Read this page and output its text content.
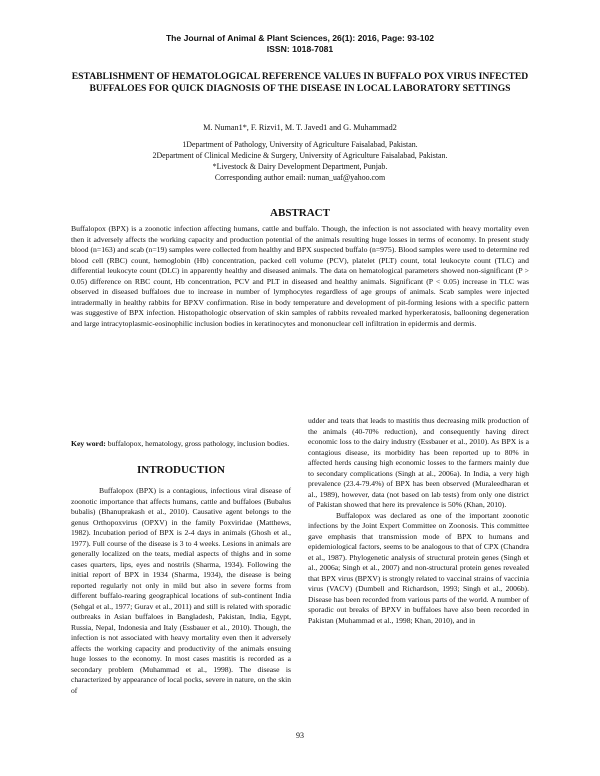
The Journal of Animal & Plant Sciences, 26(1): 2016, Page: 93-102
ISSN: 1018-7081
ESTABLISHMENT OF HEMATOLOGICAL REFERENCE VALUES IN BUFFALO POX VIRUS INFECTED BUFFALOES FOR QUICK DIAGNOSIS OF THE DISEASE IN LOCAL LABORATORY SETTINGS
M. Numan1*, F. Rizvi1, M. T. Javed1 and G. Muhammad2
1Department of Pathology, University of Agriculture Faisalabad, Pakistan.
2Department of Clinical Medicine & Surgery, University of Agriculture Faisalabad, Pakistan.
*Livestock & Dairy Development Department, Punjab.
Corresponding author email: numan_uaf@yahoo.com
ABSTRACT
Buffalopox (BPX) is a zoonotic infection affecting humans, cattle and buffalo. Though, the infection is not associated with heavy mortality even then it adversely affects the working capacity and production potential of the animals resulting huge losses in terms of economy. In present study blood (n=163) and scab (n=19) samples were collected from healthy and BPX suspected buffalo (n=975). Blood samples were used to determine red blood cell (RBC) count, hemoglobin (Hb) concentration, packed cell volume (PCV), platelet (PLT) count, total leukocyte count (TLC) and differential leukocyte count (DLC) in apparently healthy and diseased animals. The data on hematological parameters showed non-significant (P > 0.05) difference on RBC count, Hb concentration, PCV and PLT in diseased and healthy animals. Significant (P < 0.05) increase in TLC was observed in diseased buffaloes due to increase in number of lymphocytes regardless of age groups of animals. Scab samples were injected intradermally in healthy rabbits for BPXV confirmation. Rise in body temperature and development of pit-forming lesions with a specific pattern was suggestive of BPX infection. Histopathologic observation of skin samples of rabbits revealed marked hyperkeratosis, ballooning degeneration and large intracytoplasmic-eosinophilic inclusion bodies in keratinocytes and mononuclear cell infiltration in epidermis and dermis.
Key word: buffalopox, hematology, gross pathology, inclusion bodies.
INTRODUCTION

Buffalopox (BPX) is a contagious, infectious viral disease of zoonotic importance that affects humans, cattle and buffaloes (Bubalus bubalis) (Bhanuprakash et al., 2010). Causative agent belongs to the genus Orthopoxvirus (OPXV) in the family Poxviridae (Matthews, 1982). Incubation period of BPX is 2-4 days in animals (Ghosh et al., 1977). Full course of the disease is 3 to 4 weeks. Lesions in animals are generally localized on the teats, medial aspects of thighs and in some cases quarters, lips, eyes and nostrils (Sharma, 1934). Following the initial report of BPX in 1934 (Sharma, 1934), the disease is being reported regularly not only in mild but also in severe forms from different buffalo-rearing geographical locations of sub-continent India (Sehgal et al., 1977; Gurav et al., 2011) and still is related with sporadic outbreaks in Asian buffaloes in Bangladesh, Pakistan, India, Egypt, Russia, Nepal, Indonesia and Italy (Essbauer et al., 2010). Though, the infection is not associated with heavy mortality even then it adversely affects the working capacity and productivity of the animals ensuing huge losses to the economy. In most cases mastitis is recorded as a secondary problem (Muhammad et al., 1998). The disease is characterized by appearance of local pocks, severe in nature, on the skin of

udder and teats that leads to mastitis thus decreasing milk production of the animals (40-70% reduction), and consequently having direct economic loss to the dairy industry (Essbauer et al., 2010). As BPX is a contagious disease, its morbidity has been reported up to 80% in affected herds causing high economic losses to the farmers mainly due to secondary complications (Singh at al., 2006a). In India, a very high prevalence (23.4-79.4%) of BPX has been observed (Muraleedharan et al., 1989), however, data (not based on lab tests) from only one district of Pakistan showed that here its prevalence is 50% (Khan, 2010).

Buffalopox was declared as one of the important zoonotic infections by the Joint Expert Committee on Zoonosis. This committee gave emphasis that transmission mode of BPX to humans and epidemiological factors, seems to be analogous to that of CPX (Chandra et al., 1987). Phylogenetic analysis of structural protein genes (Singh et al., 2006a; Singh et al., 2007) and non-structural protein genes revealed that BPX virus (BPXV) is strongly related to vaccinal strains of vaccinia virus (VACV) (Dumbell and Richardson, 1993; Singh et al., 2006b). Disease has been recorded from various parts of the world. A number of sporadic out breaks of BPXV in buffaloes have also been recorded in Pakistan (Muhammad et al., 1998; Khan, 2010), and in

93
